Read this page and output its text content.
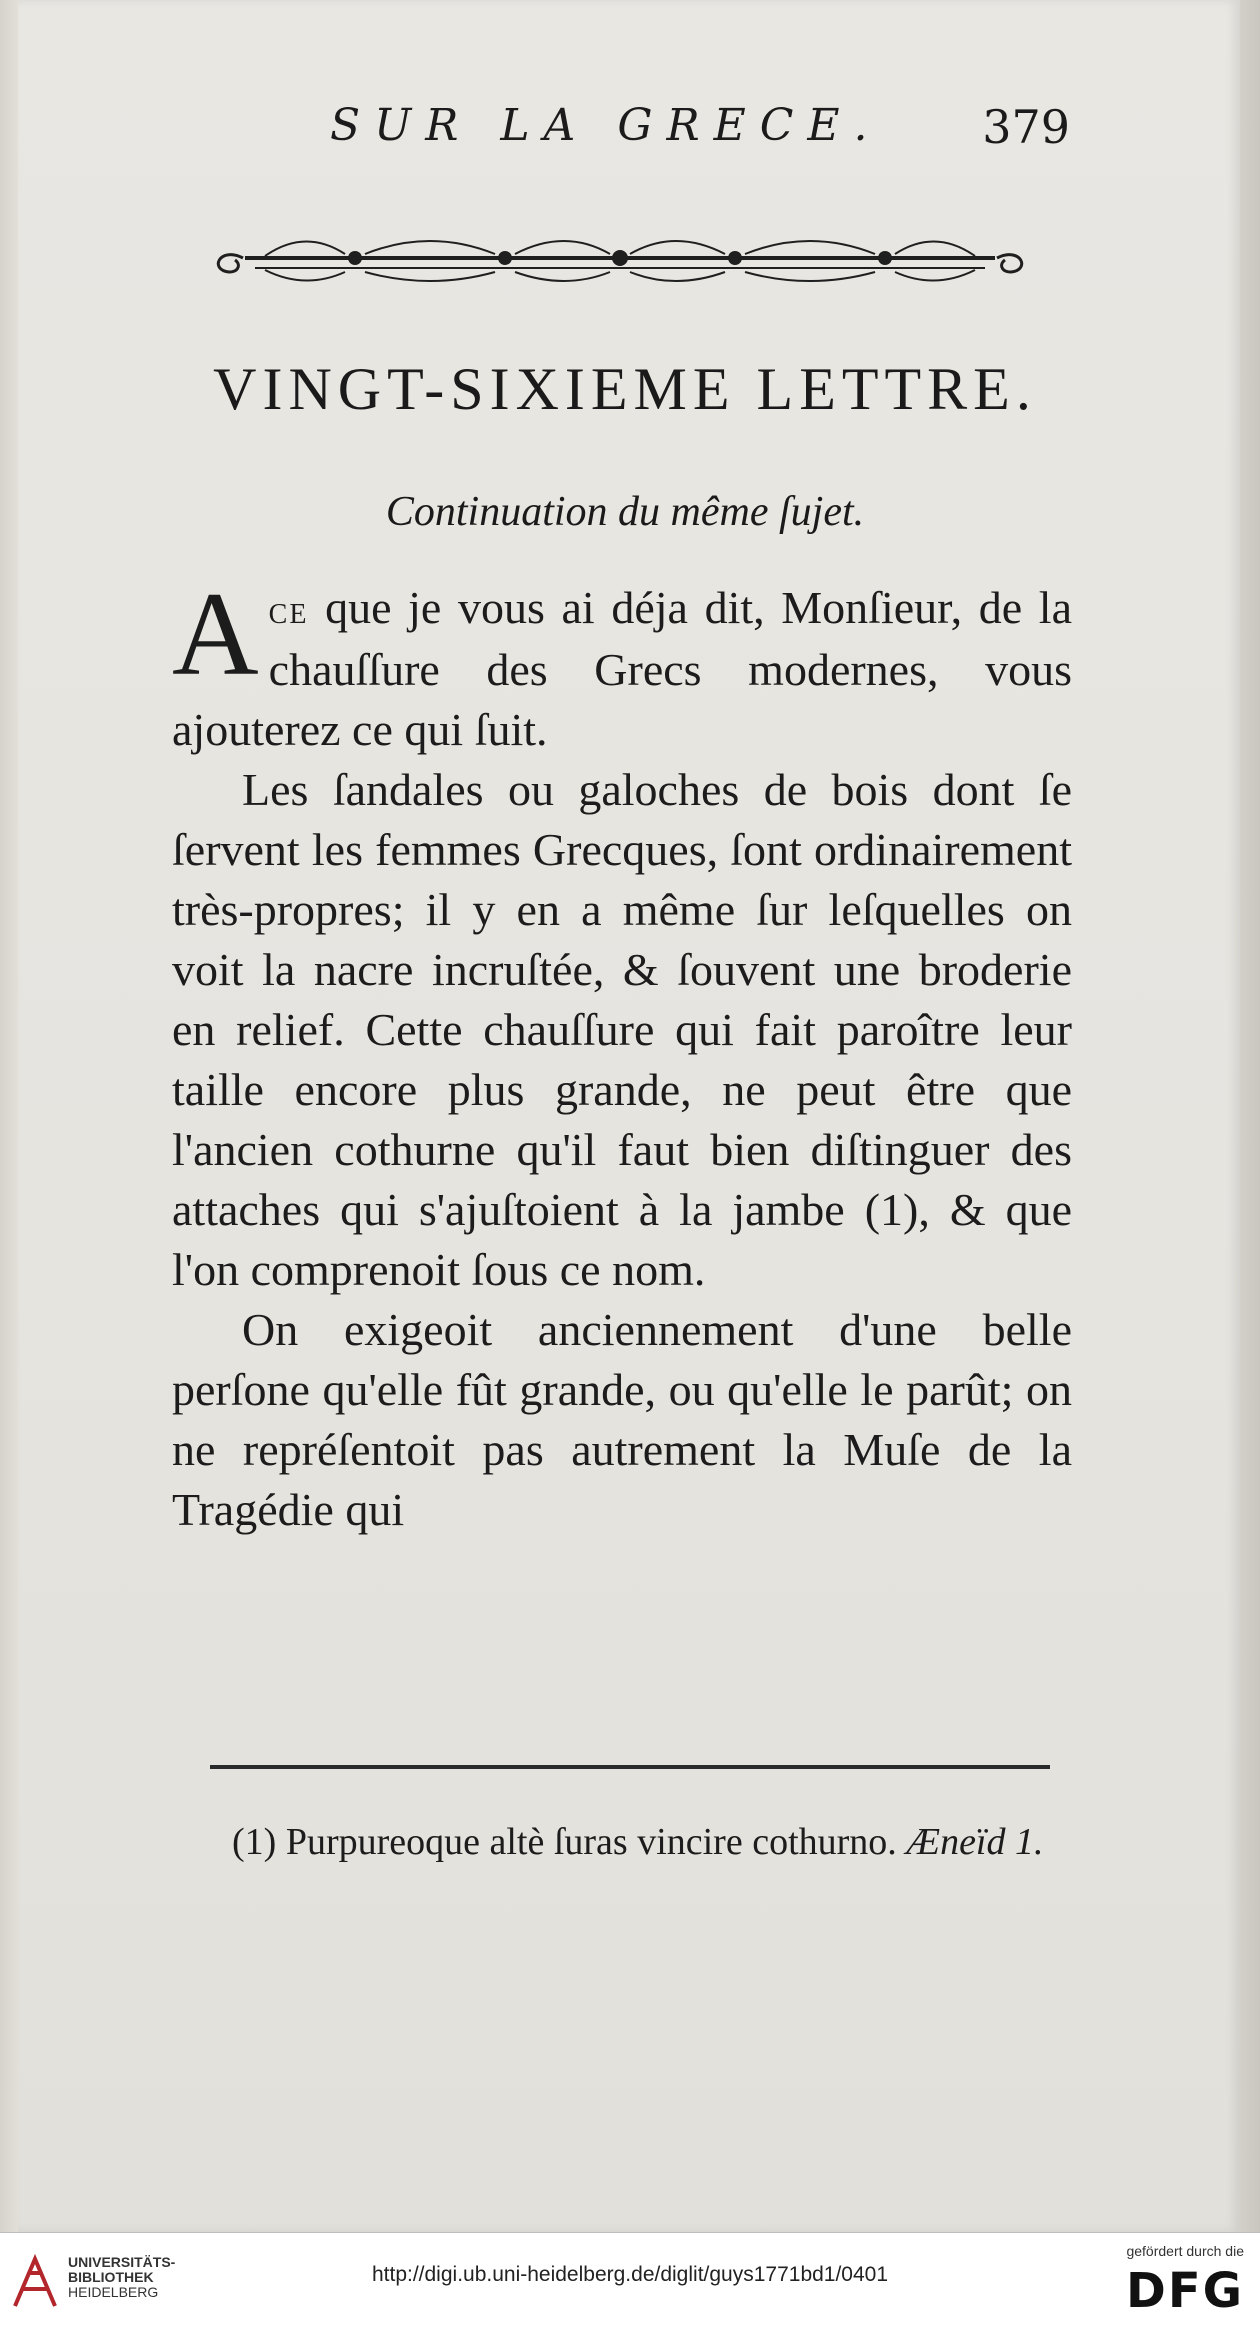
SUR LA GRECE. 379
VINGT-SIXIEME LETTRE.
Continuation du même ſujet.

A ce que je vous ai déja dit, Monſieur, de la chauſſure des Grecs modernes, vous ajouterez ce qui ſuit.

Les ſandales ou galoches de bois dont ſe ſervent les femmes Grecques, ſont ordinairement très-propres; il y en a même ſur leſquelles on voit la nacre incruſtée, & ſouvent une broderie en relief. Cette chauſſure qui fait paroître leur taille encore plus grande, ne peut être que l'ancien cothurne qu'il faut bien diſtinguer des attaches qui s'ajuſtoient à la jambe (1), & que l'on comprenoit ſous ce nom.

On exigeoit anciennement d'une belle perſone qu'elle fût grande, ou qu'elle le parût; on ne repréſentoit pas autrement la Muſe de la Tragédie qui

(1) Purpureoque altè ſuras vincire cothurno. Æneïd 1.
UNIVERSITÄTS-
BIBLIOTHEK
HEIDELBERG
http://digi.ub.uni-heidelberg.de/diglit/guys1771bd1/0401
gefördert durch die
DFG
